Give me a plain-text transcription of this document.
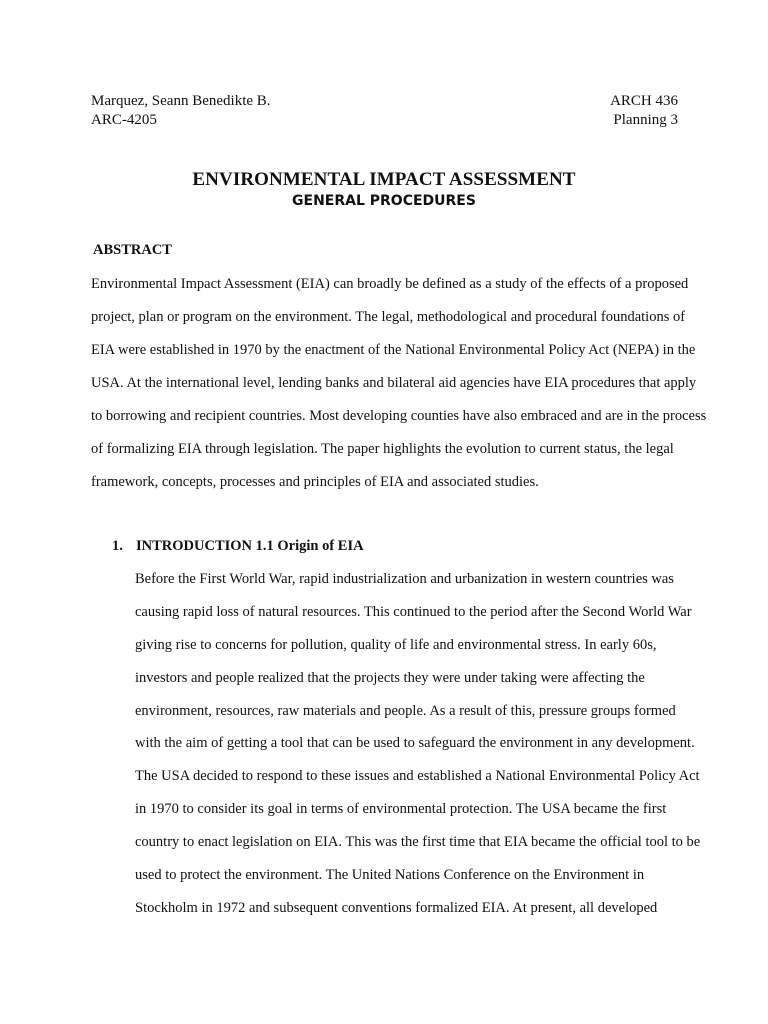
Marquez, Seann Benedikte B.
ARC-4205
ARCH 436
Planning 3
ENVIRONMENTAL IMPACT ASSESSMENT
GENERAL PROCEDURES
ABSTRACT
Environmental Impact Assessment (EIA) can broadly be defined as a study of the effects of a proposed
project, plan or program on the environment. The legal, methodological and procedural foundations of
EIA were established in 1970 by the enactment of the National Environmental Policy Act (NEPA) in the
USA. At the international level, lending banks and bilateral aid agencies have EIA procedures that apply
to borrowing and recipient countries. Most developing counties have also embraced and are in the process
of formalizing EIA through legislation. The paper highlights the evolution to current status, the legal
framework, concepts, processes and principles of EIA and associated studies.
1. INTRODUCTION 1.1 Origin of EIA
Before the First World War, rapid industrialization and urbanization in western countries was
causing rapid loss of natural resources. This continued to the period after the Second World War
giving rise to concerns for pollution, quality of life and environmental stress. In early 60s,
investors and people realized that the projects they were under taking were affecting the
environment, resources, raw materials and people. As a result of this, pressure groups formed
with the aim of getting a tool that can be used to safeguard the environment in any development.
The USA decided to respond to these issues and established a National Environmental Policy Act
in 1970 to consider its goal in terms of environmental protection. The USA became the first
country to enact legislation on EIA. This was the first time that EIA became the official tool to be
used to protect the environment. The United Nations Conference on the Environment in
Stockholm in 1972 and subsequent conventions formalized EIA. At present, all developed
